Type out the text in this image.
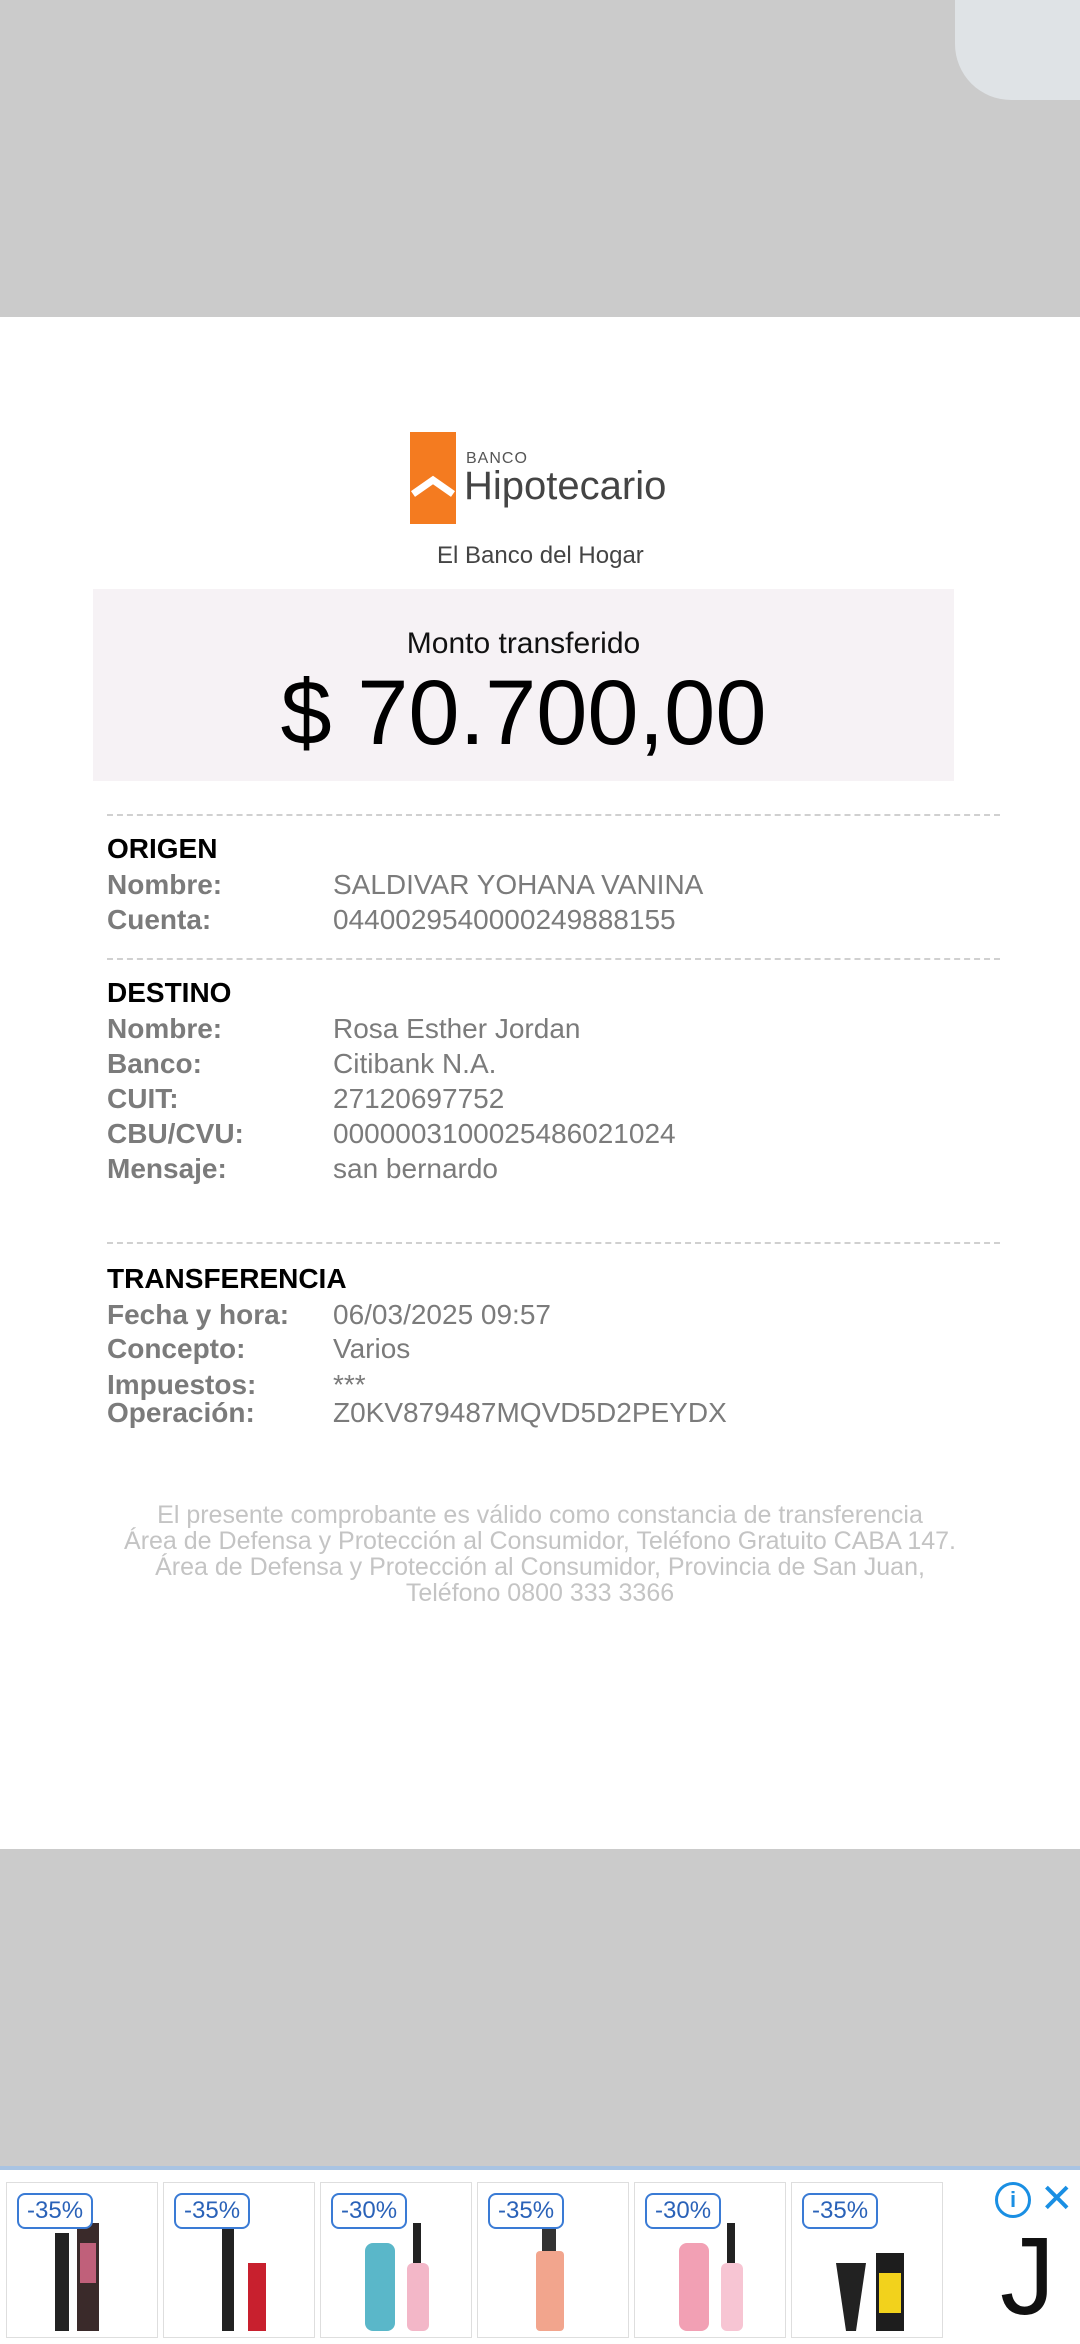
BANCO
Hipotecario
El Banco del Hogar
Monto transferido
$ 70.700,00
ORIGEN
Nombre:	SALDIVAR YOHANA VANINA
Cuenta:	0440029540000249888155
DESTINO
Nombre:	Rosa Esther Jordan
Banco:	Citibank N.A.
CUIT:	27120697752
CBU/CVU:	0000003100025486021024
Mensaje:	san bernardo
TRANSFERENCIA
Fecha y hora: 06/03/2025 09:57
Concepto:	Varios
Impuestos:	***
Operación:	Z0KV879487MQVD5D2PEYDX
El presente comprobante es válido como constancia de transferencia
Área de Defensa y Protección al Consumidor, Teléfono Gratuito CABA 147.
Área de Defensa y Protección al Consumidor, Provincia de San Juan,
Teléfono 0800 333 3366
-35%	-35%	-30%	-35%	-30%	-35%	i ✕
J
